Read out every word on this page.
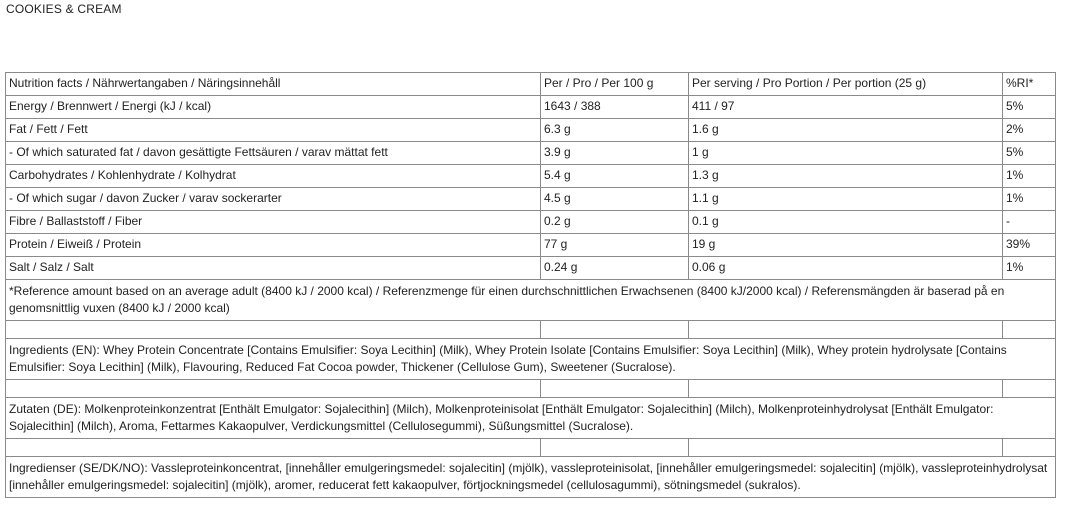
COOKIES & CREAM
Nutrition facts / Nährwertangaben / Näringsinnehåll	Per / Pro / Per 100 g	Per serving / Pro Portion / Per portion (25 g)	%RI*
Energy / Brennwert / Energi (kJ / kcal)	1643 / 388	411 / 97	5%
Fat / Fett / Fett	6.3 g	1.6 g	2%
- Of which saturated fat / davon gesättigte Fettsäuren / varav mättat fett	3.9 g	1 g	5%
Carbohydrates / Kohlenhydrate / Kolhydrat	5.4 g	1.3 g	1%
- Of which sugar / davon Zucker / varav sockerarter	4.5 g	1.1 g	1%
Fibre / Ballaststoff / Fiber	0.2 g	0.1 g	-
Protein / Eiweiß / Protein	77 g	19 g	39%
Salt / Salz / Salt	0.24 g	0.06 g	1%
*Reference amount based on an average adult (8400 kJ / 2000 kcal) / Referenzmenge für einen durchschnittlichen Erwachsenen (8400 kJ/2000 kcal) / Referensmängden är baserad på en genomsnittlig vuxen (8400 kJ / 2000 kcal)			

Ingredients (EN): Whey Protein Concentrate [Contains Emulsifier: Soya Lecithin] (Milk), Whey Protein Isolate [Contains Emulsifier: Soya Lecithin] (Milk), Whey protein hydrolysate [Contains Emulsifier: Soya Lecithin] (Milk), Flavouring, Reduced Fat Cocoa powder, Thickener (Cellulose Gum), Sweetener (Sucralose).			

Zutaten (DE): Molkenproteinkonzentrat [Enthält Emulgator: Sojalecithin] (Milch), Molkenproteinisolat [Enthält Emulgator: Sojalecithin] (Milch), Molkenproteinhydrolysat [Enthält Emulgator: Sojalecithin] (Milch), Aroma, Fettarmes Kakaopulver, Verdickungsmittel (Cellulosegummi), Süßungsmittel (Sucralose).			

Ingredienser (SE/DK/NO): Vassleproteinkoncentrat, [innehåller emulgeringsmedel: sojalecitin] (mjölk), vassleproteinisolat, [innehåller emulgeringsmedel: sojalecitin] (mjölk), vassleproteinhydrolysat [innehåller emulgeringsmedel: sojalecitin] (mjölk), aromer, reducerat fett kakaopulver, förtjockningsmedel (cellulosagummi), sötningsmedel (sukralos).			
